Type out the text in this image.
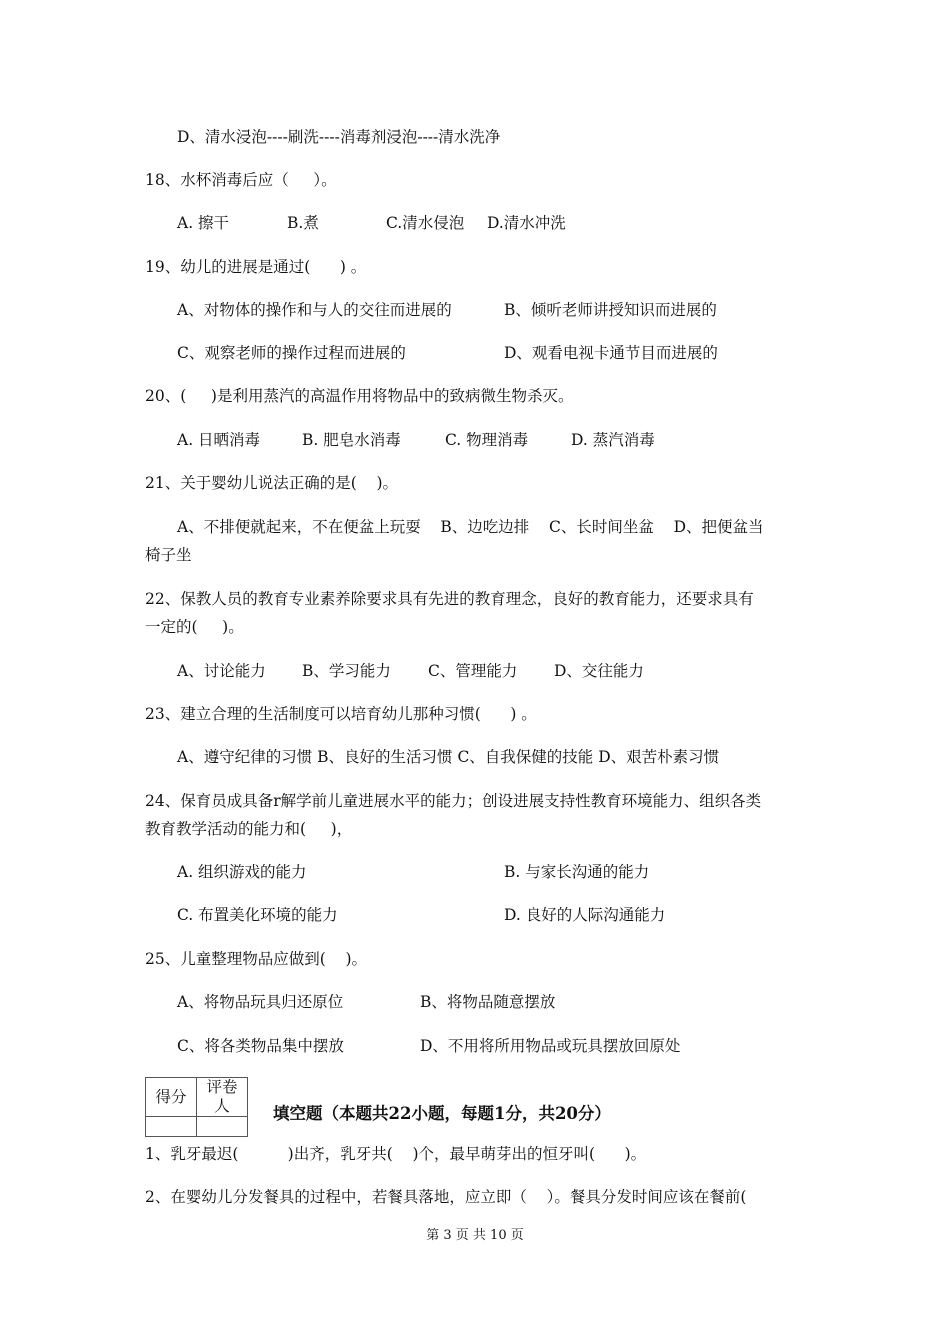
D、清水浸泡----刷洗----消毒剂浸泡----清水洗净
18、水杯消毒后应（     ）。
A. 擦干	B.煮	C.清水侵泡 D.清水冲洗
19、幼儿的进展是通过(      ) 。
A、对物体的操作和与人的交往而进展的	B、倾听老师讲授知识而进展的
C、观察老师的操作过程而进展的	D、观看电视卡通节目而进展的
20、(     )是利用蒸汽的高温作用将物品中的致病微生物杀灭。
A. 日晒消毒	B. 肥皂水消毒	C. 物理消毒	D. 蒸汽消毒
21、关于婴幼儿说法正确的是(    )。
A、不排便就起来，不在便盆上玩耍    B、边吃边排    C、长时间坐盆    D、把便盆当
椅子坐
22、保教人员的教育专业素养除要求具有先进的教育理念，良好的教育能力，还要求具有
一定的(     )。
A、讨论能力 B、学习能力 C、管理能力 D、交往能力
23、建立合理的生活制度可以培育幼儿那种习惯(      ) 。
A、遵守纪律的习惯 B、良好的生活习惯 C、自我保健的技能 D、艰苦朴素习惯
24、保育员成具备r解学前儿童进展水平的能力；创设进展支持性教育环境能力、组织各类
教育教学活动的能力和(     )，
A. 组织游戏的能力	B. 与家长沟通的能力
C. 布置美化环境的能力	D. 良好的人际沟通能力
25、儿童整理物品应做到(    )。
A、将物品玩具归还原位	B、将物品随意摆放
C、将各类物品集中摆放	D、不用将所用物品或玩具摆放回原处
得分	评卷人
		填空题（本题共22小题，每题1分，共20分）
1、乳牙最迟(          )出齐，乳牙共(    )个，最早萌芽出的恒牙叫(      )。
2、在婴幼儿分发餐具的过程中，若餐具落地，应立即（    ）。餐具分发时间应该在餐前(
第 3 页 共 10 页
